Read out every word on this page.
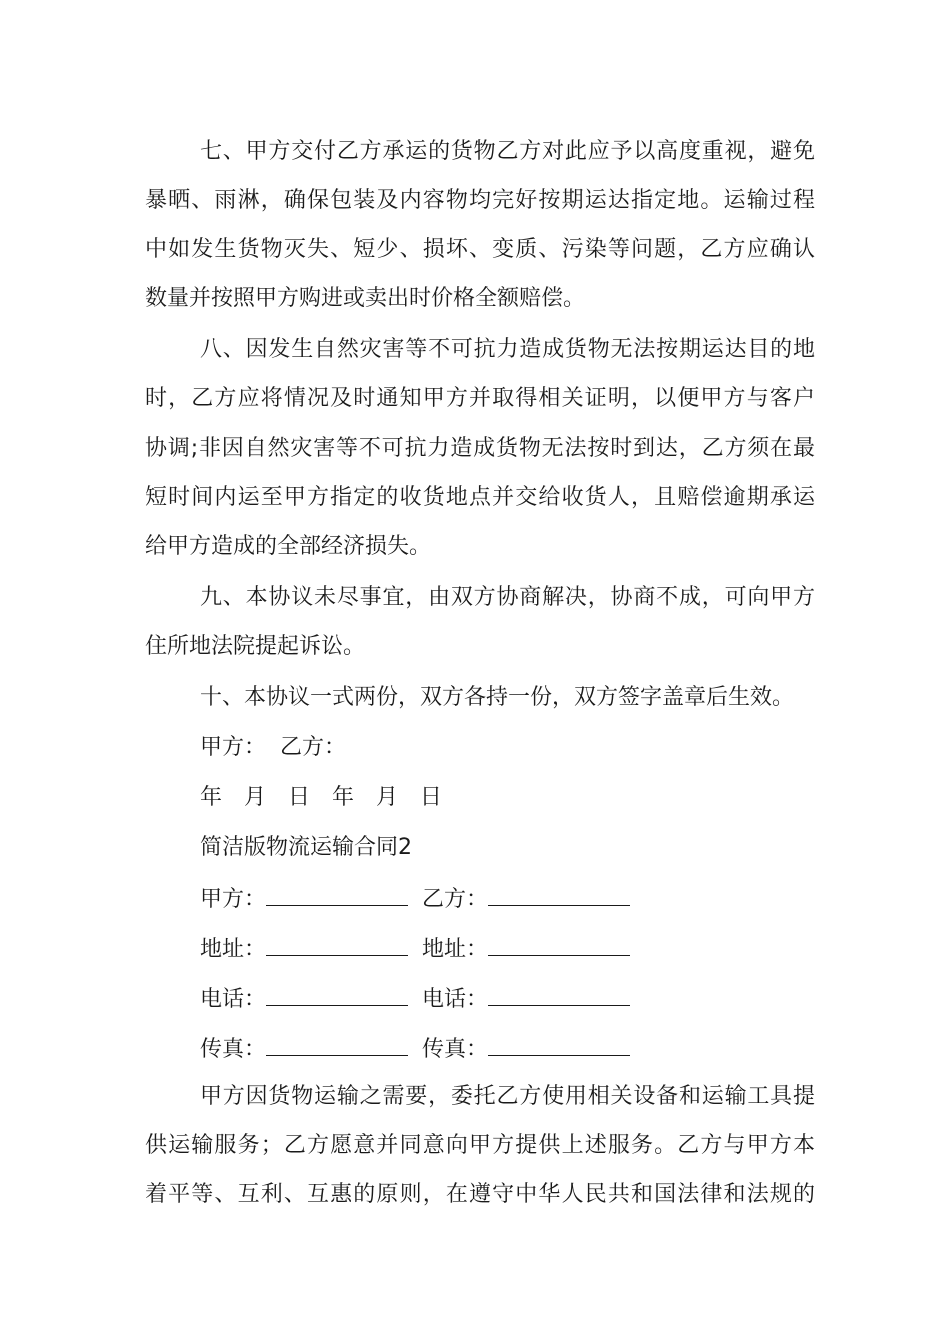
七、甲方交付乙方承运的货物乙方对此应予以高度重视，避免
暴晒、雨淋，确保包装及内容物均完好按期运达指定地。运输过程
中如发生货物灭失、短少、损坏、变质、污染等问题，乙方应确认
数量并按照甲方购进或卖出时价格全额赔偿。
八、因发生自然灾害等不可抗力造成货物无法按期运达目的地
时，乙方应将情况及时通知甲方并取得相关证明，以便甲方与客户
协调;非因自然灾害等不可抗力造成货物无法按时到达，乙方须在最
短时间内运至甲方指定的收货地点并交给收货人，且赔偿逾期承运
给甲方造成的全部经济损失。
九、本协议未尽事宜，由双方协商解决，协商不成，可向甲方
住所地法院提起诉讼。
十、本协议一式两份，双方各持一份，双方签字盖章后生效。
甲方：  乙方：
年  月  日  年  月  日
简洁版物流运输合同2
甲方：	乙方：
地址：	地址：
电话：	电话：
传真：	传真：
甲方因货物运输之需要，委托乙方使用相关设备和运输工具提
供运输服务；乙方愿意并同意向甲方提供上述服务。乙方与甲方本
着平等、互利、互惠的原则，在遵守中华人民共和国法律和法规的
